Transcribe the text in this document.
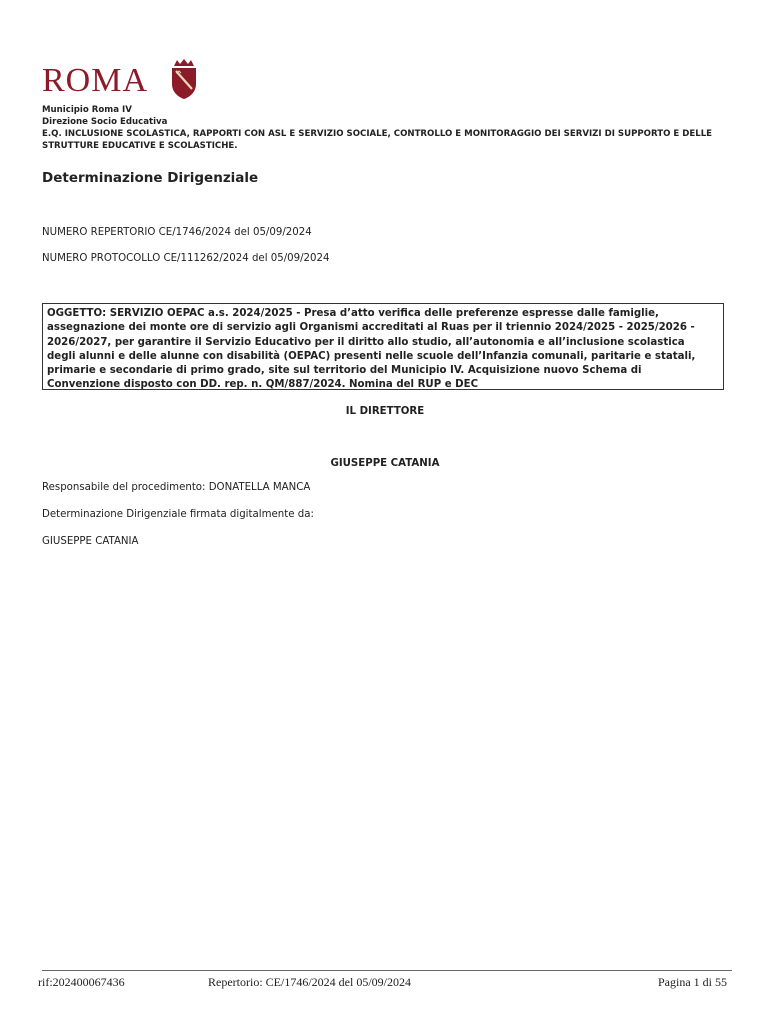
ROMA
Municipio Roma IV
Direzione Socio Educativa
E.Q. INCLUSIONE SCOLASTICA, RAPPORTI CON ASL E SERVIZIO SOCIALE, CONTROLLO E MONITORAGGIO DEI SERVIZI DI SUPPORTO E DELLE
STRUTTURE EDUCATIVE E SCOLASTICHE.
Determinazione Dirigenziale
NUMERO REPERTORIO CE/1746/2024 del 05/09/2024
NUMERO PROTOCOLLO CE/111262/2024 del 05/09/2024
OGGETTO: SERVIZIO OEPAC a.s. 2024/2025 - Presa d’atto verifica delle preferenze espresse dalle famiglie,
assegnazione dei monte ore di servizio agli Organismi accreditati al Ruas per il triennio 2024/2025 - 2025/2026 -
2026/2027, per garantire il Servizio Educativo per il diritto allo studio, all’autonomia e all’inclusione scolastica
degli alunni e delle alunne con disabilità (OEPAC) presenti nelle scuole dell’Infanzia comunali, paritarie e statali,
primarie e secondarie di primo grado, site sul territorio del Municipio IV. Acquisizione nuovo Schema di
Convenzione disposto con DD. rep. n. QM/887/2024. Nomina del RUP e DEC
IL DIRETTORE
GIUSEPPE CATANIA
Responsabile del procedimento: DONATELLA MANCA
Determinazione Dirigenziale firmata digitalmente da:
GIUSEPPE CATANIA
rif:202400067436	Repertorio: CE/1746/2024 del 05/09/2024	Pagina 1 di 55
